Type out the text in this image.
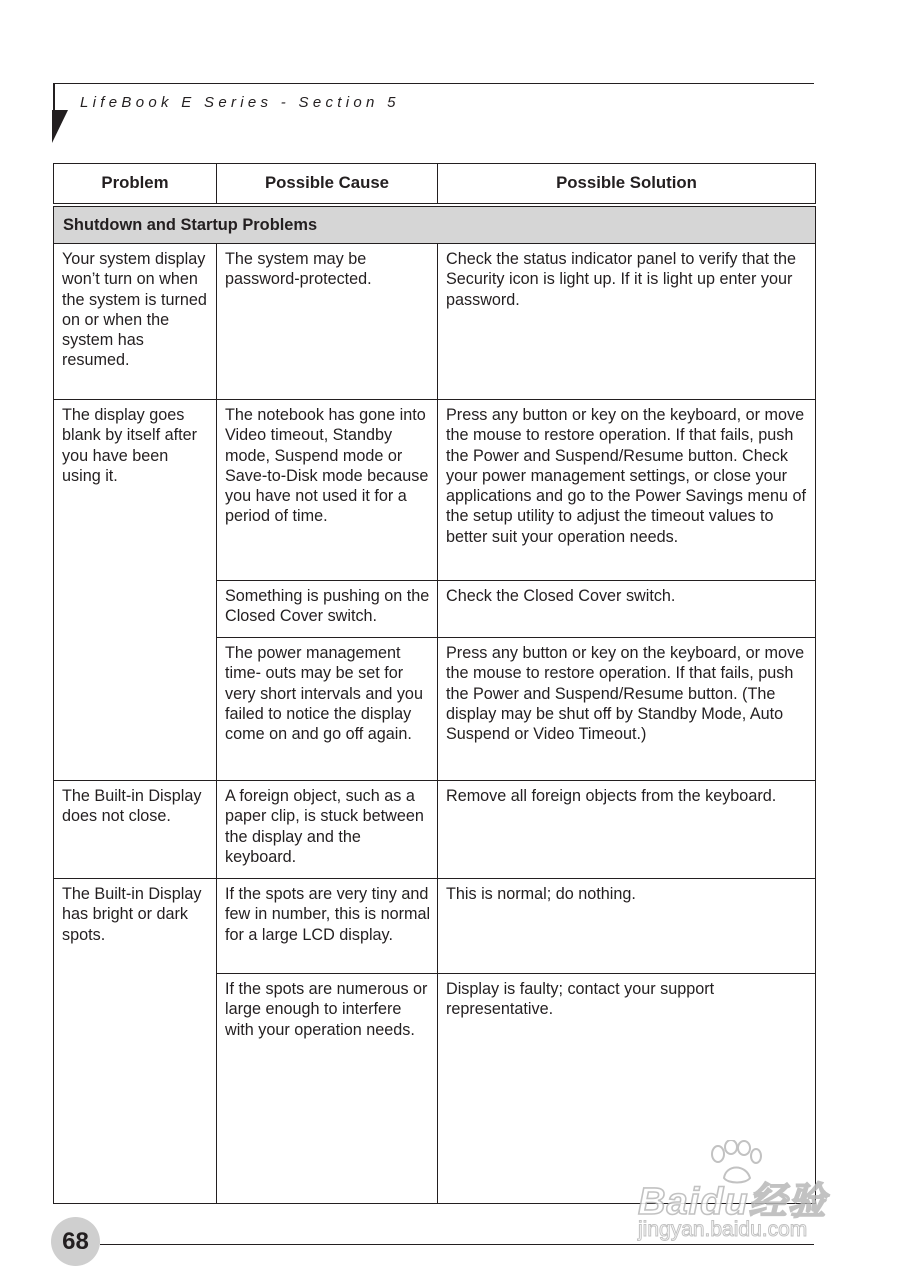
LifeBook E Series - Section 5
Problem	Possible Cause	Possible Solution
Shutdown and Startup Problems		
Your system display won’t turn on when the system is turned on or when the system has resumed.	The system may be password-protected.	Check the status indicator panel to verify that the Security icon is light up. If it is light up enter your password.
The display goes blank by itself after you have been using it.	The notebook has gone into Video timeout, Standby mode, Suspend mode or Save-to-Disk mode because you have not used it for a period of time.	Press any button or key on the keyboard, or move the mouse to restore operation. If that fails, push the Power and Suspend/Resume button. Check your power management settings, or close your applications and go to the Power Savings menu of the setup utility to adjust the timeout values to better suit your operation needs.
	Something is pushing on the Closed Cover switch.	Check the Closed Cover switch.
	The power management time- outs may be set for very short intervals and you failed to notice the display come on and go off again.	Press any button or key on the keyboard, or move the mouse to restore operation. If that fails, push the Power and Suspend/Resume button. (The display may be shut off by Standby Mode, Auto Suspend or Video Timeout.)
The Built-in Display does not close.	A foreign object, such as a paper clip, is stuck between the display and the keyboard.	Remove all foreign objects from the keyboard.
The Built-in Display has bright or dark spots.	If the spots are very tiny and few in number, this is normal for a large LCD display.	This is normal; do nothing.
	If the spots are numerous or large enough to interfere with your operation needs.	Display is faulty; contact your support representative.
68
Baidu经验
jingyan.baidu.com
